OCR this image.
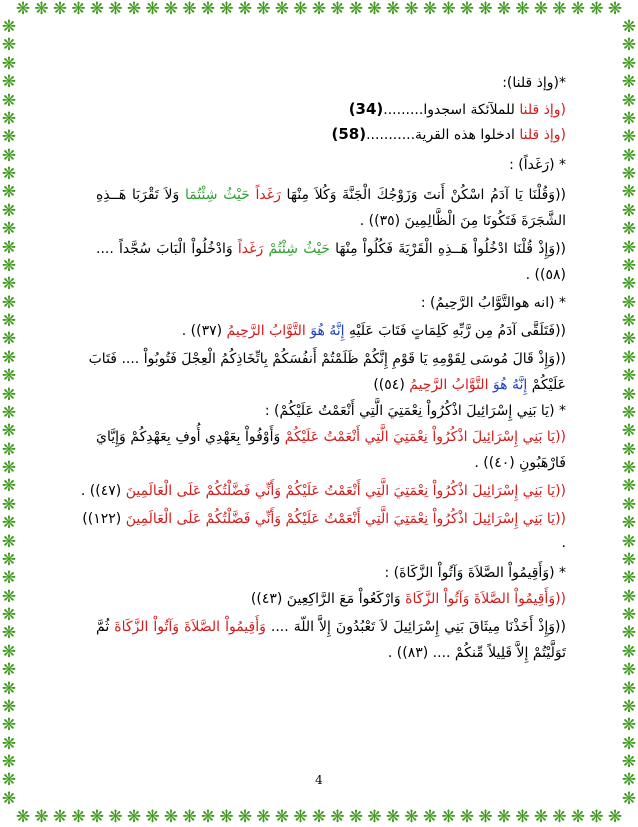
❋ ❋ ❋ ❋ ❋ ❋ ❋ ❋ ❋ ❋ ❋ ❋ ❋ ❋ ❋ ❋ ❋ ❋ ❋ ❋ ❋ ❋ ❋ ❋ ❋ ❋ ❋ ❋ ❋ ❋ ❋ ❋ ❋
❋ ❋ ❋ ❋ ❋ ❋ ❋ ❋ ❋ ❋ ❋ ❋ ❋ ❋ ❋ ❋ ❋ ❋ ❋ ❋ ❋ ❋ ❋ ❋ ❋ ❋ ❋ ❋ ❋ ❋ ❋ ❋ ❋
❋
❋
❋
❋
❋
❋
❋
❋
❋
❋
❋
❋
❋
❋
❋
❋
❋
❋
❋
❋
❋
❋
❋
❋
❋
❋
❋
❋
❋
❋
❋
❋
❋
❋
❋
❋
❋
❋
❋
❋
❋
❋
❋
❋
❋
❋
❋
❋
❋
❋
❋
❋
❋
❋
❋
❋
❋
❋
❋
❋
❋
❋
❋
❋
❋
❋
❋
❋
❋
❋
❋
❋
❋
❋
❋
❋
❋
❋
❋
❋
❋
❋
❋
❋
❋
❋
*(وإذ قلنا):
(وإذ قلنا للملآئكة اسجدوا.........(34)
(وإذ قلنا ادخلوا هذه القرية...........(58)
* (رَغَداً) :
((وَقُلْنَا يَا آدَمُ اسْكُنْ أَنتَ وَزَوْجُكَ الْجَنَّةَ وَكُلاَ مِنْهَا رَغَداً حَيْثُ شِئْتُمَا وَلاَ تَقْرَبَا هَــذِهِ
الشَّجَرَةَ فَتَكُونَا مِنَ الْظَّالِمِينَ (٣٥)) .
((وَإِذْ قُلْنَا ادْخُلُواْ هَــذِهِ الْقَرْيَةَ فَكُلُواْ مِنْهَا حَيْثُ شِئْتُمْ رَغَداً وَادْخُلُواْ الْبَابَ سُجَّداً ....
(٥٨)) .
* (انه هوالتَّوَّابُ الرَّحِيمُ) :
((فَتَلَقَّى آدَمُ مِن رَّبِّهِ كَلِمَاتٍ فَتَابَ عَلَيْهِ إِنَّهُ هُوَ التَّوَّابُ الرَّحِيمُ (٣٧)) .
((وَإِذْ قَالَ مُوسَى لِقَوْمِهِ يَا قَوْمِ إِنَّكُمْ ظَلَمْتُمْ أَنفُسَكُمْ بِاتِّخَاذِكُمُ الْعِجْلَ فَتُوبُواْ .... فَتَابَ
عَلَيْكُمْ إِنَّهُ هُوَ التَّوَّابُ الرَّحِيمُ (٥٤))
* (يَا بَنِي إِسْرَائِيلَ اذْكُرُواْ نِعْمَتِيَ الَّتِي أَنْعَمْتُ عَلَيْكُمْ) :
((يَا بَنِي إِسْرَائِيلَ اذْكُرُواْ نِعْمَتِيَ الَّتِي أَنْعَمْتُ عَلَيْكُمْ وَأَوْفُواْ بِعَهْدِي أُوفِ بِعَهْدِكُمْ وَإِيَّايَ
فَارْهَبُونِ (٤٠)) .
((يَا بَنِي إِسْرَائِيلَ اذْكُرُواْ نِعْمَتِيَ الَّتِي أَنْعَمْتُ عَلَيْكُمْ وَأَنِّي فَضَّلْتُكُمْ عَلَى الْعَالَمِينَ (٤٧)) .
((يَا بَنِي إِسْرَائِيلَ اذْكُرُواْ نِعْمَتِيَ الَّتِي أَنْعَمْتُ عَلَيْكُمْ وَأَنِّي فَضَّلْتُكُمْ عَلَى الْعَالَمِينَ (١٢٢))
.
* (وَأَقِيمُواْ الصَّلاَةَ وَآتُواْ الزَّكَاةَ) :
((وَأَقِيمُواْ الصَّلاَةَ وَآتُواْ الزَّكَاةَ وَارْكَعُواْ مَعَ الرَّاكِعِينَ (٤٣))
((وَإِذْ أَخَذْنَا مِيثَاقَ بَنِي إِسْرَائِيلَ لاَ تَعْبُدُونَ إِلاَّ اللّهَ .... وَأَقِيمُواْ الصَّلاَةَ وَآتُواْ الزَّكَاةَ ثُمَّ
تَوَلَّيْتُمْ إِلاَّ قَلِيلاً مِّنكُمْ .... (٨٣)) .
4
